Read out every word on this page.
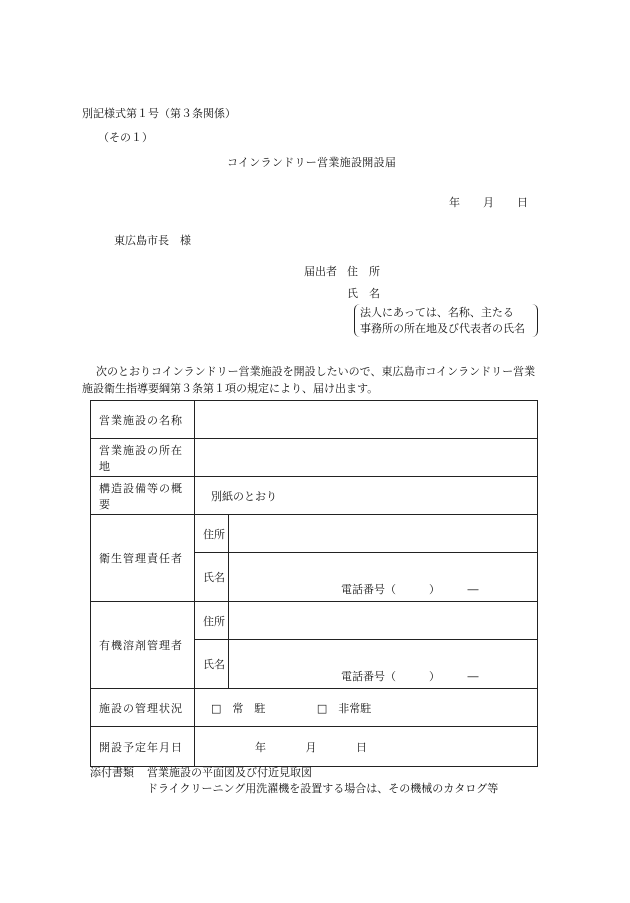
別記様式第１号（第３条関係）
（その１）
コインランドリー営業施設開設届
年 月 日
東広島市長　様
届出者 住　所
氏　名
法人にあっては、名称、主たる
事務所の所在地及び代表者の氏名
次のとおりコインランドリー営業施設を開設したいので、東広島市コインランドリー営業
施設衛生指導要綱第３条第１項の規定により、届け出ます。
営業施設の名称		
営業施設の所在地		
構造設備等の概要	別紙のとおり	
衛生管理責任者	住所	
	氏名	電話番号（　　　）　　　―

有機溶剤管理者	住所	
	氏名	電話番号（　　　）　　　―

施設の管理状況	□　常　駐 □　非常駐	
開設予定年月日	年 月 日	
添付書類 営業施設の平面図及び付近見取図
ドライクリーニング用洗濯機を設置する場合は、その機械のカタログ等
